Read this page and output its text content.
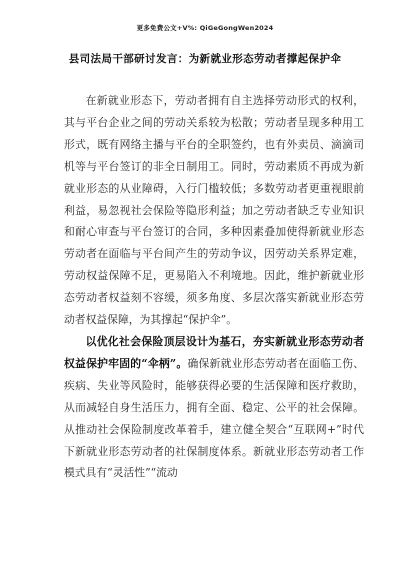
更多免费公文+V%: QiGeGongWen2024
县司法局干部研讨发言：为新就业形态劳动者撑起保护伞

在新就业形态下，劳动者拥有自主选择劳动形式的权利，其与平台企业之间的劳动关系较为松散；劳动者呈现多种用工形式，既有网络主播与平台的全职签约，也有外卖员、滴滴司机等与平台签订的非全日制用工。同时，劳动素质不再成为新就业形态的从业障碍，入行门槛较低；多数劳动者更重视眼前利益，易忽视社会保险等隐形利益；加之劳动者缺乏专业知识和耐心审查与平台签订的合同，多种因素叠加使得新就业形态劳动者在面临与平台间产生的劳动争议，因劳动关系界定难，劳动权益保障不足，更易陷入不利境地。因此，维护新就业形态劳动者权益刻不容缓，须多角度、多层次落实新就业形态劳动者权益保障，为其撑起“保护伞”。

以优化社会保险顶层设计为基石，夯实新就业形态劳动者权益保护牢固的“伞柄”。确保新就业形态劳动者在面临工伤、疾病、失业等风险时，能够获得必要的生活保障和医疗救助，从而减轻自身生活压力，拥有全面、稳定、公平的社会保障。从推动社会保险制度改革着手，建立健全契合“互联网+”时代下新就业形态劳动者的社保制度体系。新就业形态劳动者工作模式具有“灵活性”“流动
